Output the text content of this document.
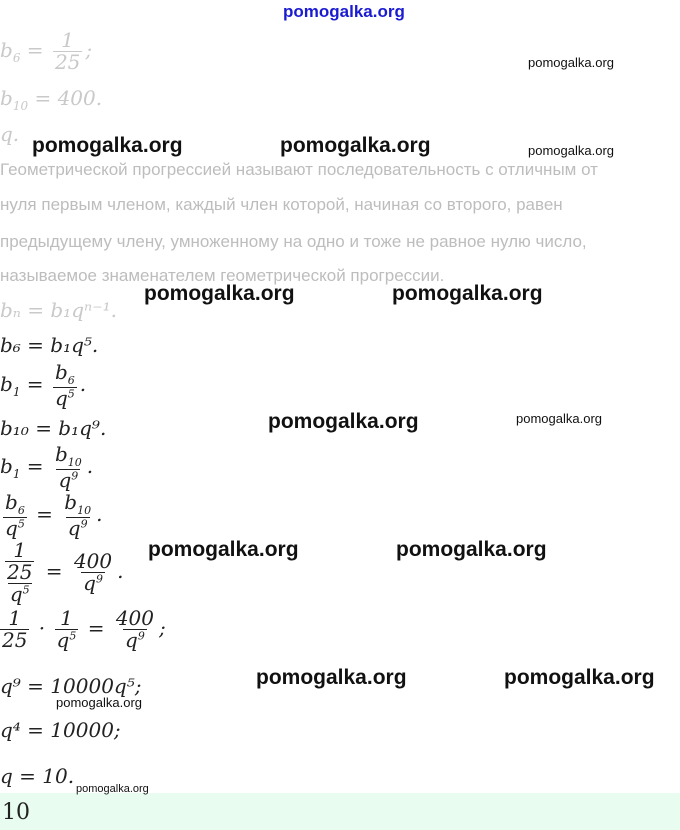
pomogalka.org
$b_6 = \frac{1}{25}$ ;
$b_{10} = 400$.
q.
Геометрической прогрессией называют последовательность с отличным от
нуля первым членом, каждый член которой, начиная со второго, равен
предыдущему члену, умноженному на одно и тоже не равное нулю число,
называемое знаменателем геометрической прогрессии.
bₙ = b₁qⁿ⁻¹.
b₆ = b₁q⁵.
$b_1 = \frac{b_6}{q^5}$ .
b₁₀ = b₁q⁹.
$b_1 = \frac{b_{10}}{q^9}$ .
$\frac{b_6}{q^5} = \frac{b_{10}}{q^9}$ .
$\frac{\frac{1}{25}}{q^5} = \frac{400}{q^9}$ .
$\frac{1}{25} \cdot \frac{1}{q^5} = \frac{400}{q^9}$ ;
q⁹ = 10000q⁵;
q⁴ = 10000;
q = 10.
10
pomogalka.org
pomogalka.org	pomogalka.org	pomogalka.org
pomogalka.org	pomogalka.org
pomogalka.org	pomogalka.org
pomogalka.org	pomogalka.org
pomogalka.org	pomogalka.org
pomogalka.org
pomogalka.org
